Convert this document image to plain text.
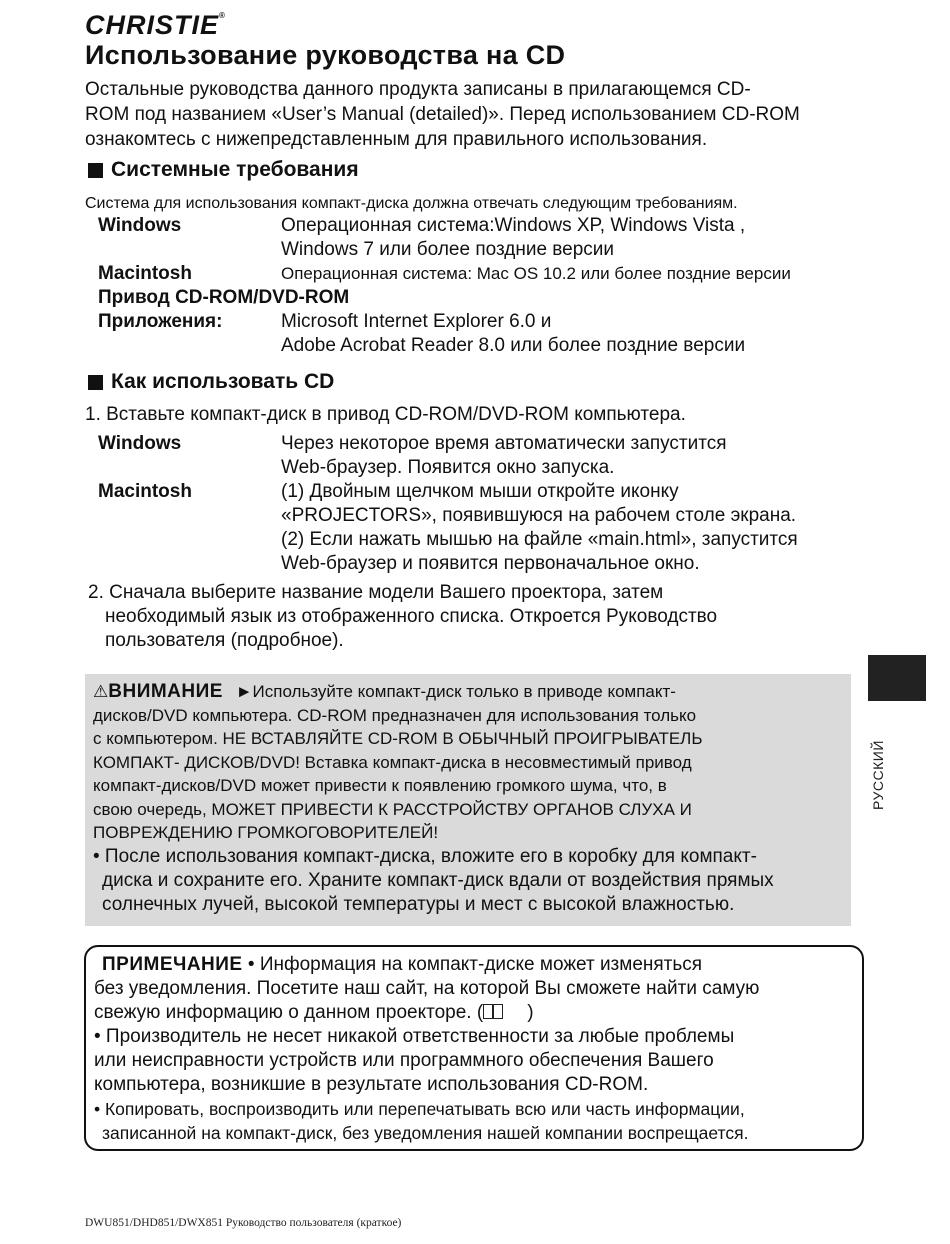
CHRISTIE®
Использование руководства на CD
Остальные руководства данного продукта записаны в прилагающемся CD-
ROM под названием «User’s Manual (detailed)». Перед использованием CD-ROM
ознакомтесь с нижепредставленным для правильного использования.
Системные требования
Система для использования компакт-диска должна отвечать следующим требованиям.
Windows	Операционная система:Windows XP, Windows Vista ,
Windows 7 или более поздние версии
Macintosh	Операционная система: Mac OS 10.2 или более поздние версии
Привод CD-ROM/DVD-ROM
Приложения:	Microsoft Internet Explorer 6.0 и
Adobe Acrobat Reader 8.0 или более поздние версии
Как использовать CD
1. Вставьте компакт-диск в привод CD-ROM/DVD-ROM компьютера.
Windows	Через некоторое время автоматически запустится
Web-браузер. Появится окно запуска.
Macintosh	(1) Двойным щелчком мыши откройте иконку
«PROJECTORS», появившуюся на рабочем столе экрана.
(2) Если нажать мышью на файле «main.html», запустится
Web-браузер и появится первоначальное окно.
2. Сначала выберите название модели Вашего проектора, затем
необходимый язык из отображенного списка. Откроется Руководство
пользователя (подробное).
РУССКИЙ
⚠ВНИМАНИЕ ►Используйте компакт-диск только в приводе компакт-
дисков/DVD компьютера. CD-ROM предназначен для использования только
с компьютером. НЕ ВСТАВЛЯЙТЕ CD-ROM В ОБЫЧНЫЙ ПРОИГРЫВАТЕЛЬ
КОМПАКТ- ДИСКОВ/DVD! Вставка компакт-диска в несовместимый привод
компакт-дисков/DVD может привести к появлению громкого шума, что, в
свою очередь, МОЖЕТ ПРИВЕСТИ К РАССТРОЙСТВУ ОРГАНОВ СЛУХА И
ПОВРЕЖДЕНИЮ ГРОМКОГОВОРИТЕЛЕЙ!
• После использования компакт-диска, вложите его в коробку для компакт-
диска и сохраните его. Храните компакт-диск вдали от воздействия прямых
солнечных лучей, высокой температуры и мест с высокой влажностью.
ПРИМЕЧАНИЕ • Информация на компакт-диске может изменяться
без уведомления. Посетите наш сайт, на которой Вы сможете найти самую
свежую информацию о данном проекторе. ( )
• Производитель не несет никакой ответственности за любые проблемы
или неисправности устройств или программного обеспечения Вашего
компьютера, возникшие в результате использования CD-ROM.
• Копировать, воспроизводить или перепечатывать всю или часть информации,
записанной на компакт-диск, без уведомления нашей компании воспрещается.
DWU851/DHD851/DWX851 Руководство пользователя (краткое)
